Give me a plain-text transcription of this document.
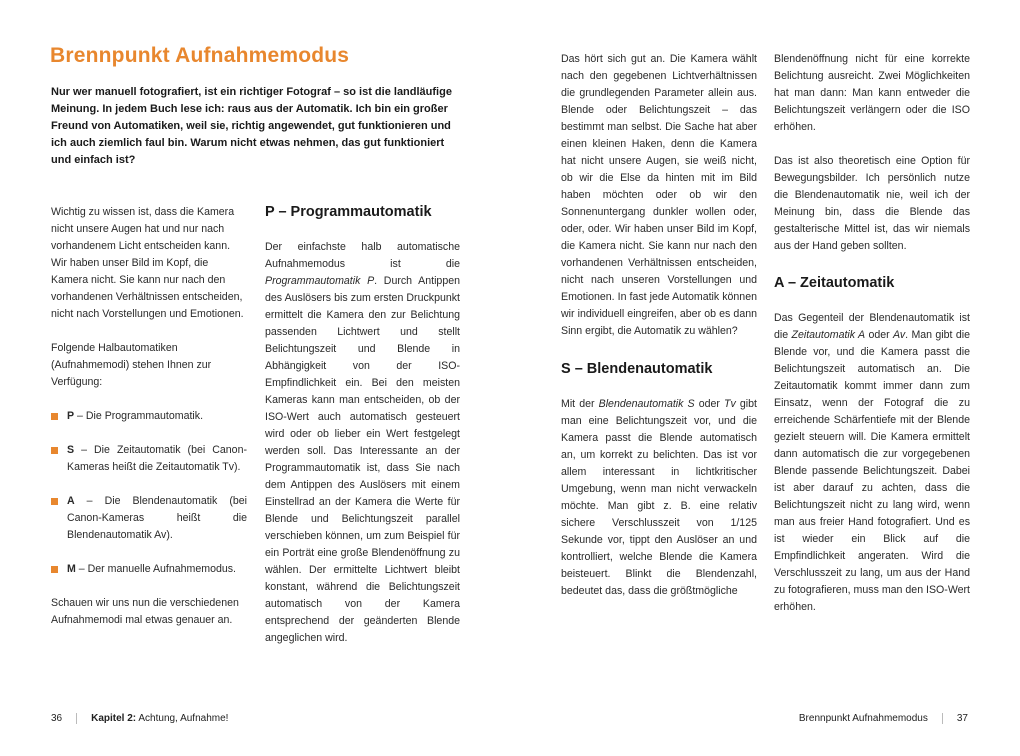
Brennpunkt Aufnahmemodus

Nur wer manuell fotografiert, ist ein richtiger Fotograf – so ist die landläufige Meinung. In jedem Buch lese ich: raus aus der Automatik. Ich bin ein großer Freund von Automatiken, weil sie, richtig angewendet, gut funktionieren und ich auch ziemlich faul bin. Warum nicht etwas nehmen, das gut funktioniert und einfach ist?

Wichtig zu wissen ist, dass die Kamera nicht unsere Augen hat und nur nach vorhandenem Licht entscheiden kann. Wir haben unser Bild im Kopf, die Kamera nicht. Sie kann nur nach den vorhandenen Verhältnissen entscheiden, nicht nach Vorstellungen und Emotionen.

Folgende Halbautomatiken (Aufnahmemodi) stehen Ihnen zur Verfügung:

P – Die Programmautomatik.
S – Die Zeitautomatik (bei Canon-Kameras heißt die Zeitautomatik Tv).
A – Die Blendenautomatik (bei Canon-Kameras heißt die Blendenautomatik Av).
M – Der manuelle Aufnahmemodus.

Schauen wir uns nun die verschiedenen Aufnahmemodi mal etwas genauer an.

P – Programmautomatik

Der einfachste halb automatische Aufnahmemodus ist die Programmautomatik P. Durch Antippen des Auslösers bis zum ersten Druckpunkt ermittelt die Kamera den zur Belichtung passenden Lichtwert und stellt Belichtungszeit und Blende in Abhängigkeit von der ISO-Empfindlichkeit ein. Bei den meisten Kameras kann man entscheiden, ob der ISO-Wert auch automatisch gesteuert wird oder ob lieber ein Wert festgelegt werden soll. Das Interessante an der Programmautomatik ist, dass Sie nach dem Antippen des Auslösers mit einem Einstellrad an der Kamera die Werte für Blende und Belichtungszeit parallel verschieben können, um zum Beispiel für ein Porträt eine große Blendenöffnung zu wählen. Der ermittelte Lichtwert bleibt konstant, während die Belichtungszeit automatisch von der Kamera entsprechend der geänderten Blende angeglichen wird.

36	Kapitel 2: Achtung, Aufnahme!

Das hört sich gut an. Die Kamera wählt nach den gegebenen Lichtverhältnissen die grundlegenden Parameter allein aus. Blende oder Belichtungszeit – das bestimmt man selbst. Die Sache hat aber einen kleinen Haken, denn die Kamera hat nicht unsere Augen, sie weiß nicht, ob wir die Else da hinten mit im Bild haben möchten oder ob wir den Sonnenuntergang dunkler wollen oder, oder, oder. Wir haben unser Bild im Kopf, die Kamera nicht. Sie kann nur nach den vorhandenen Verhältnissen entscheiden, nicht nach unseren Vorstellungen und Emotionen. In fast jede Automatik können wir individuell eingreifen, aber ob es dann Sinn ergibt, die Automatik zu wählen?

S – Blendenautomatik

Mit der Blendenautomatik S oder Tv gibt man eine Belichtungszeit vor, und die Kamera passt die Blende automatisch an, um korrekt zu belichten. Das ist vor allem interessant in lichtkritischer Umgebung, wenn man nicht verwackeln möchte. Man gibt z. B. eine relativ sichere Verschlusszeit von 1/125 Sekunde vor, tippt den Auslöser an und kontrolliert, welche Blende die Kamera beisteuert. Blinkt die Blendenzahl, bedeutet das, dass die größtmögliche

Blendenöffnung nicht für eine korrekte Belichtung ausreicht. Zwei Möglichkeiten hat man dann: Man kann entweder die Belichtungszeit verlängern oder die ISO erhöhen.

Das ist also theoretisch eine Option für Bewegungsbilder. Ich persönlich nutze die Blendenautomatik nie, weil ich der Meinung bin, dass die Blende das gestalterische Mittel ist, das wir niemals aus der Hand geben sollten.

A – Zeitautomatik

Das Gegenteil der Blendenautomatik ist die Zeitautomatik A oder Av. Man gibt die Blende vor, und die Kamera passt die Belichtungszeit automatisch an. Die Zeitautomatik kommt immer dann zum Einsatz, wenn der Fotograf die zu erreichende Schärfentiefe mit der Blende gezielt steuern will. Die Kamera ermittelt dann automatisch die zur vorgegebenen Blende passende Belichtungszeit. Dabei ist aber darauf zu achten, dass die Belichtungszeit nicht zu lang wird, wenn man aus freier Hand fotografiert. Und es ist wieder ein Blick auf die Empfindlichkeit angeraten. Wird die Verschlusszeit zu lang, um aus der Hand zu fotografieren, muss man den ISO-Wert erhöhen.

Brennpunkt Aufnahmemodus	37
